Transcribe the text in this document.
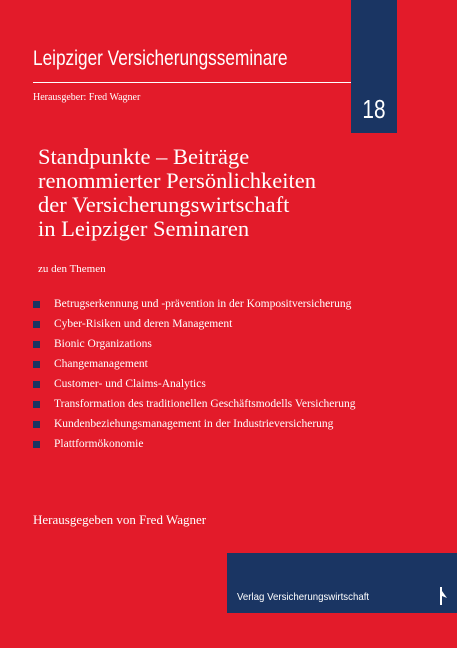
18
Leipziger Versicherungsseminare
Herausgeber: Fred Wagner
Standpunkte – Beiträge
renommierter Persönlichkeiten
der Versicherungswirtschaft
in Leipziger Seminaren
zu den Themen
Betrugserkennung und -prävention in der Kompositversicherung
Cyber-Risiken und deren Management
Bionic Organizations
Changemanagement
Customer- und Claims-Analytics
Transformation des traditionellen Geschäftsmodells Versicherung
Kundenbeziehungsmanagement in der Industrieversicherung
Plattformökonomie
Herausgegeben von Fred Wagner
Verlag Versicherungswirtschaft
